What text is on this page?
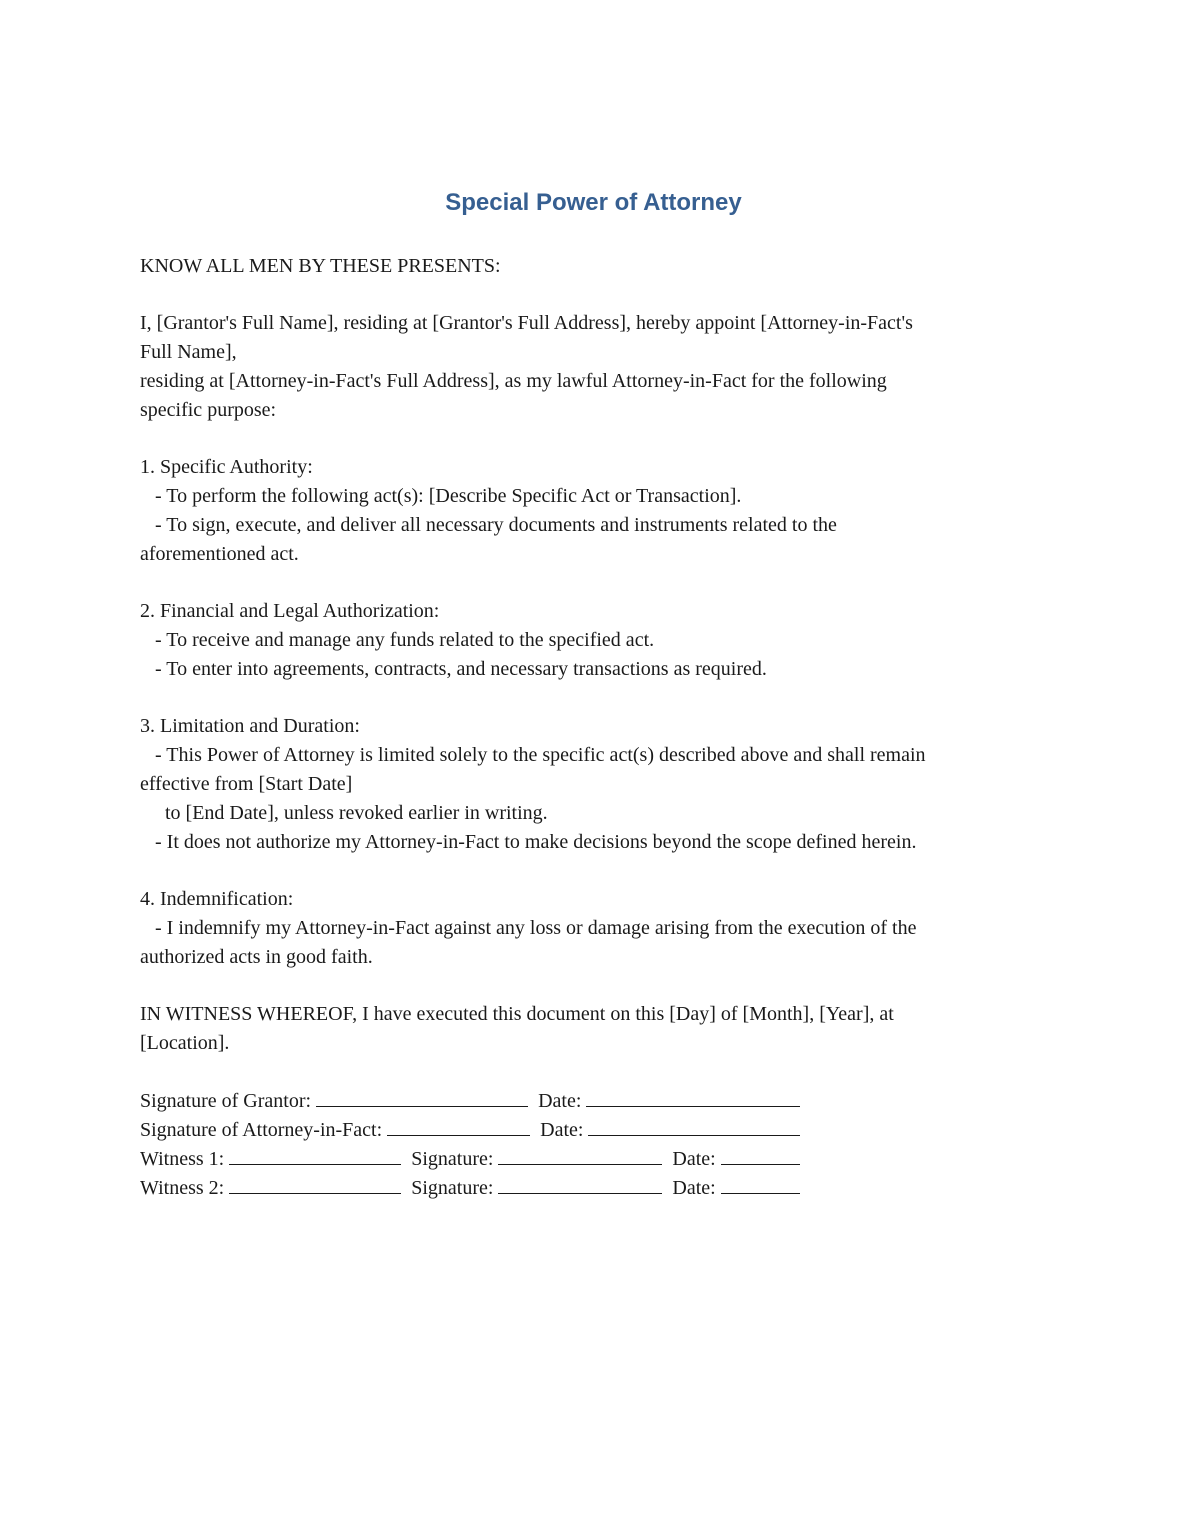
Special Power of Attorney
KNOW ALL MEN BY THESE PRESENTS:
I, [Grantor's Full Name], residing at [Grantor's Full Address], hereby appoint [Attorney-in-Fact's
Full Name],
residing at [Attorney-in-Fact's Full Address], as my lawful Attorney-in-Fact for the following
specific purpose:
1. Specific Authority:
- To perform the following act(s): [Describe Specific Act or Transaction].
- To sign, execute, and deliver all necessary documents and instruments related to the
aforementioned act.
2. Financial and Legal Authorization:
- To receive and manage any funds related to the specified act.
- To enter into agreements, contracts, and necessary transactions as required.
3. Limitation and Duration:
- This Power of Attorney is limited solely to the specific act(s) described above and shall remain
effective from [Start Date]
to [End Date], unless revoked earlier in writing.
- It does not authorize my Attorney-in-Fact to make decisions beyond the scope defined herein.
4. Indemnification:
- I indemnify my Attorney-in-Fact against any loss or damage arising from the execution of the
authorized acts in good faith.
IN WITNESS WHEREOF, I have executed this document on this [Day] of [Month], [Year], at
[Location].
Signature of Grantor:	Date:
Signature of Attorney-in-Fact:	Date:
Witness 1:	Signature:	Date:
Witness 2:	Signature:	Date:
